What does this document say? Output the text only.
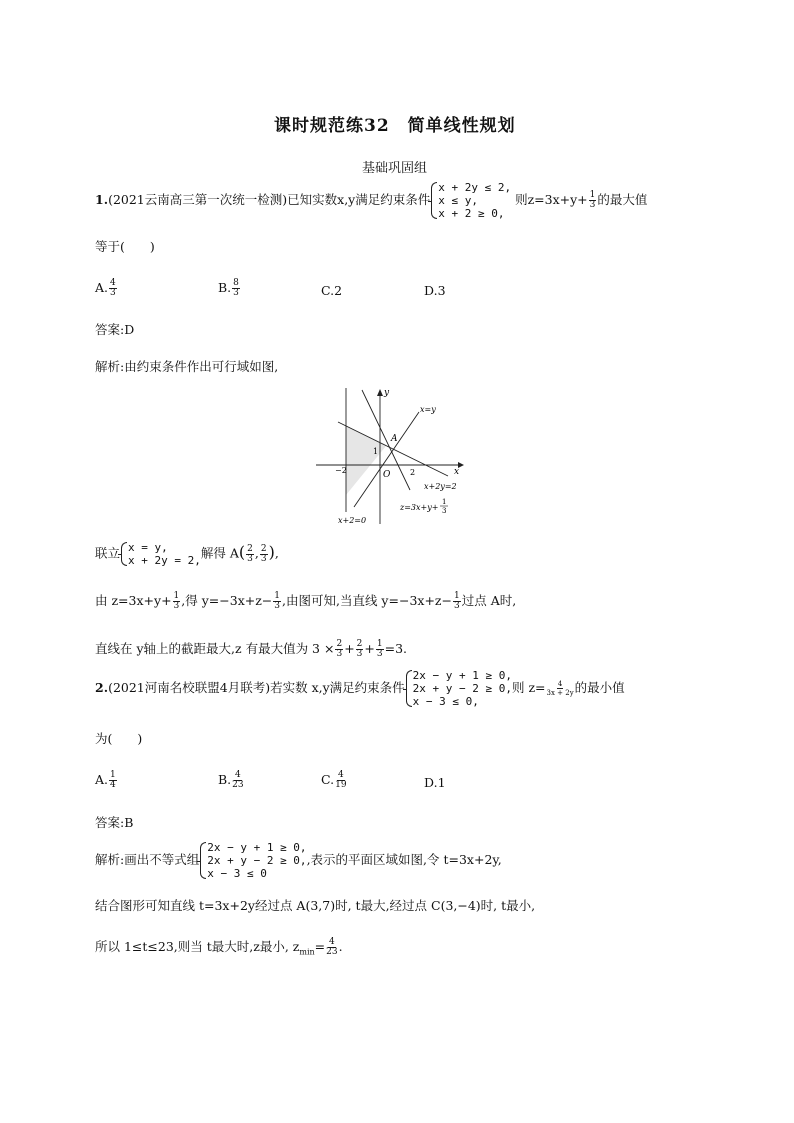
课时规范练32　简单线性规划
基础巩固组
1.(2021云南高三第一次统一检测)已知实数x,y满足约束条件x + 2y ≤ 2,
x ≤ y,
x + 2 ≥ 0, 则$z=3x+y+ \frac{1}{3}$ 的最大值
等于(　　)
A. $\frac{4}{3}$	B. $\frac{8}{3}$	C.2	D.3
答案:D
解析:由约束条件作出可行域如图,
y
x
O
A
1
2
−2
x=y
x+2y=2
z=3x+y+
1
3
x+2=0
联立 x = y,
x + 2y = 2,解得 $A( \frac{2}{3}$ , $\frac{2}{3}$ ),
由 $z=3x+y+ \frac{1}{3}$ ,得 $y=-3x+z- \frac{1}{3}$ ,由图可知,当直线 $y=-3x+z- \frac{1}{3}$ 过点 A时,
直线在 y轴上的截距最大,z 有最大值为 $3 \times \frac{2}{3} + \frac{2}{3} + \frac{1}{3} =3$.
2.(2021河南名校联盟4月联考)若实数 x,y满足约束条件2x − y + 1 ≥ 0,
2x + y − 2 ≥ 0,
x − 3 ≤ 0,则 $z= \frac{4}{3x + 2y}$ 的最小值
为(　　)
A. $\frac{1}{4}$	B. $\frac{4}{23}$	C. $\frac{4}{19}$	D.1
答案:B
解析:画出不等式组2x − y + 1 ≥ 0,
2x + y − 2 ≥ 0,
x − 3 ≤ 0,表示的平面区域如图,令 t=3x+2y,
结合图形可知直线 t=3x+2y经过点 A(3,7)时, t最大,经过点 C(3,−4)时, t最小,
所以 1≤t≤23,则当 t最大时,z最小, $z_{min}= \frac{4}{23}$ .
